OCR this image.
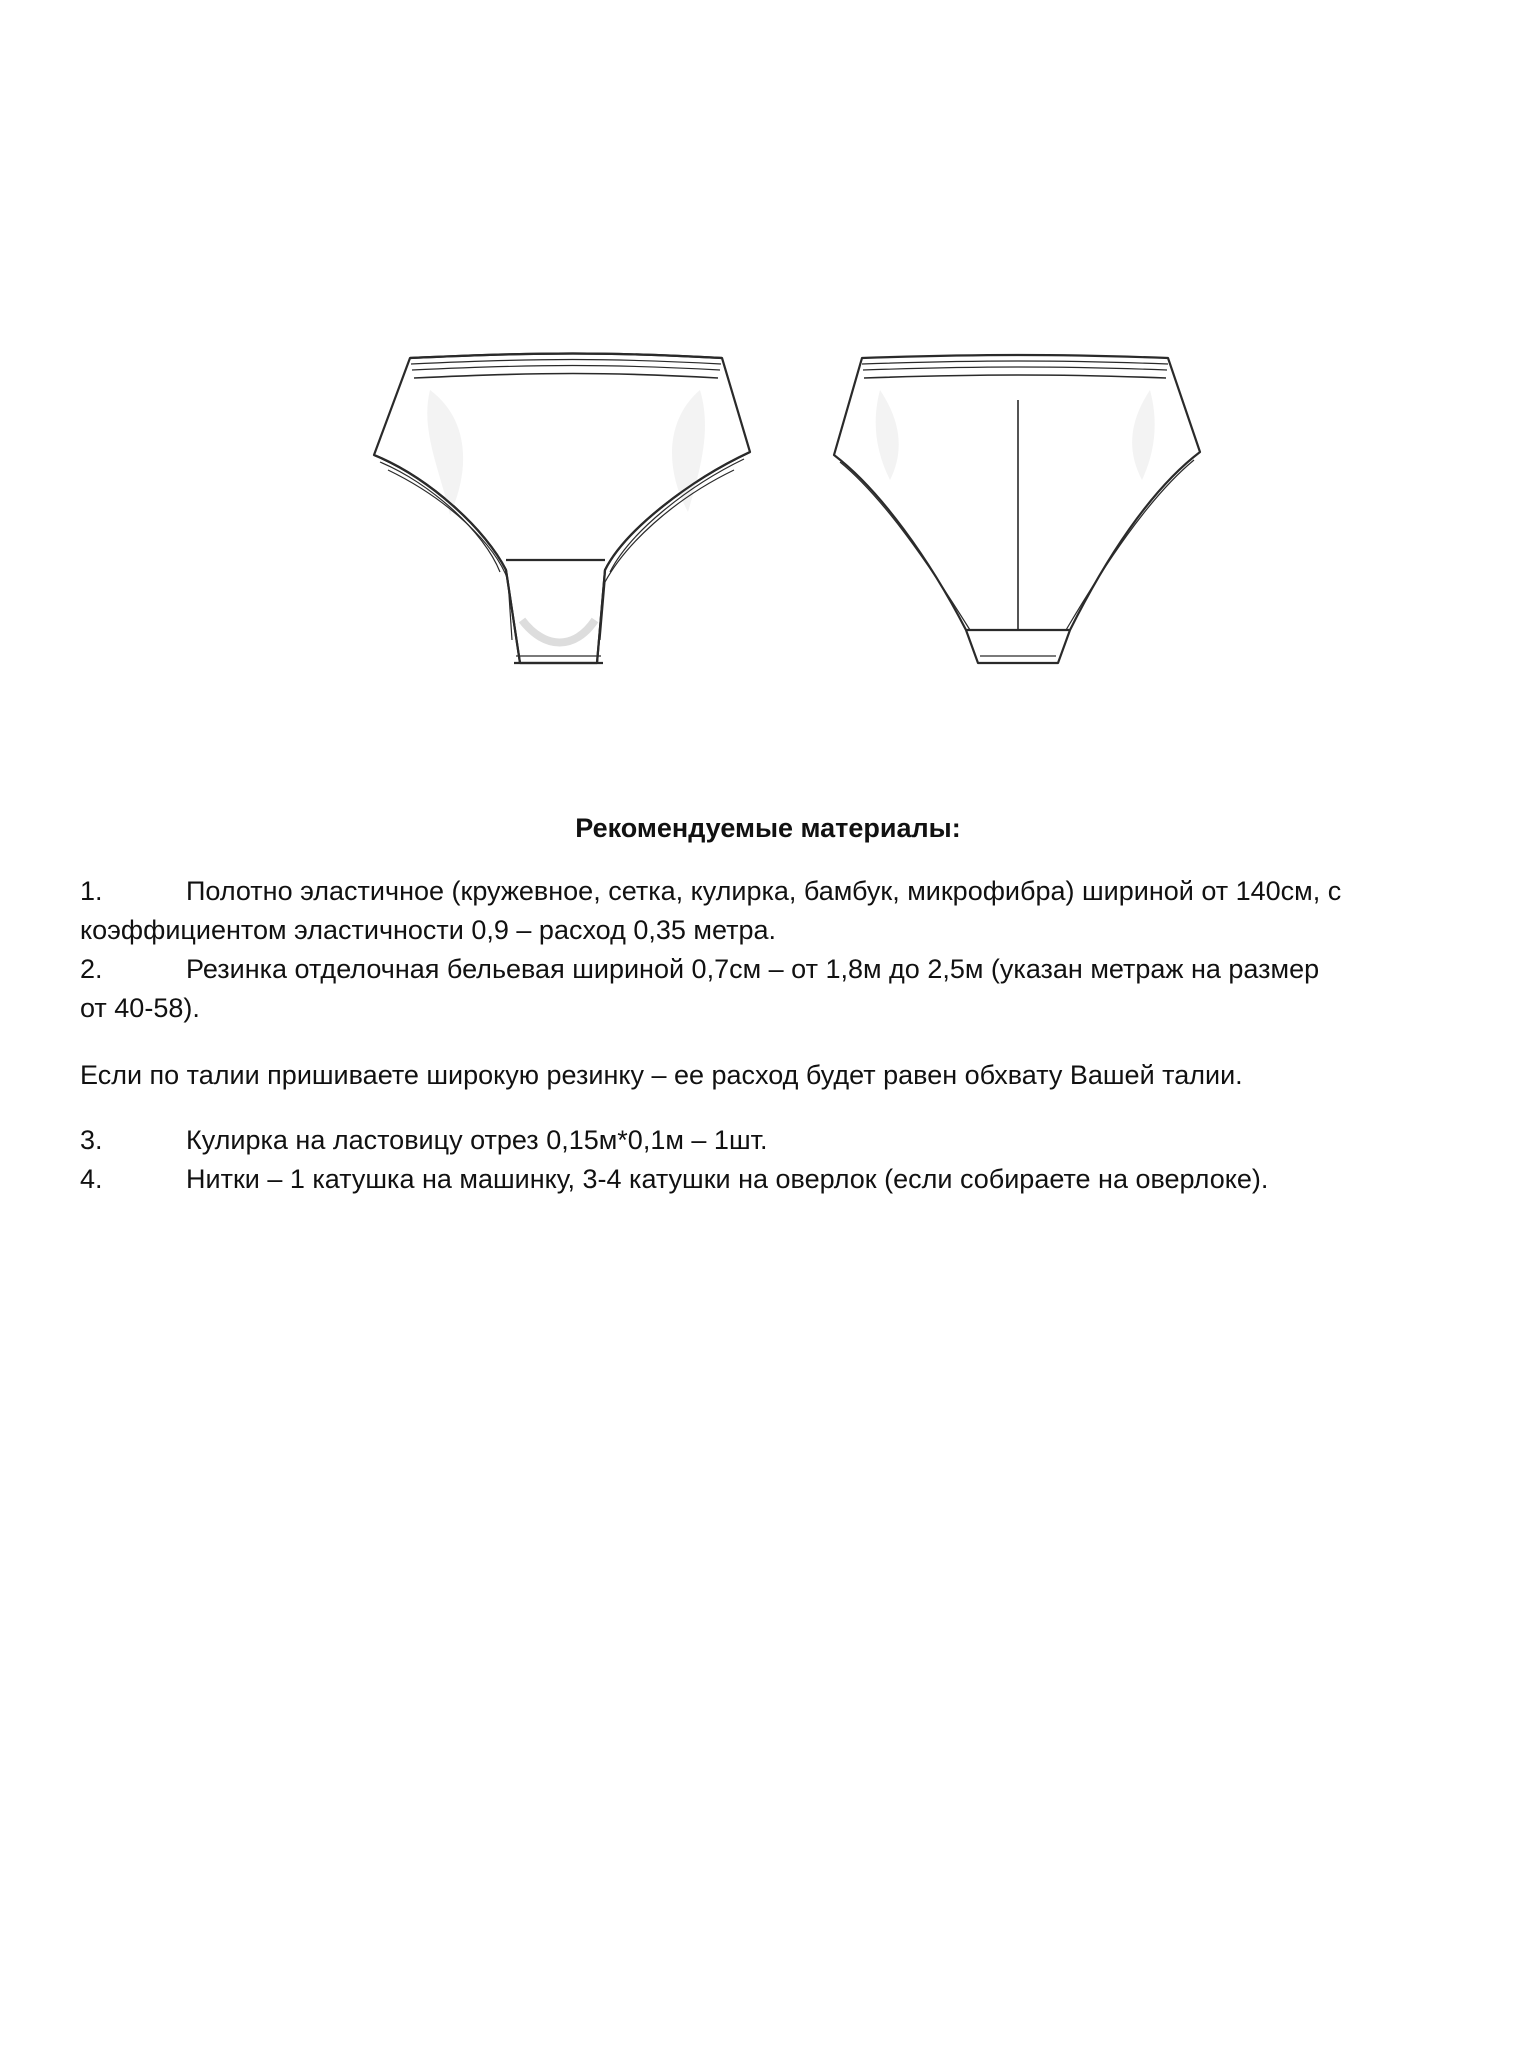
Рекомендуемые материалы:

1.	Полотно эластичное (кружевное, сетка, кулирка, бамбук, микрофибра) шириной от 140см, с
коэффициентом эластичности 0,9 – расход 0,35 метра.

2.	Резинка отделочная бельевая шириной 0,7см – от 1,8м до 2,5м (указан метраж на размер
от 40-58).

Если по талии пришиваете широкую резинку – ее расход будет равен обхвату Вашей талии.

3.	Кулирка на ластовицу отрез 0,15м*0,1м – 1шт.

4.	Нитки – 1 катушка на машинку, 3-4 катушки на оверлок (если собираете на оверлоке).
